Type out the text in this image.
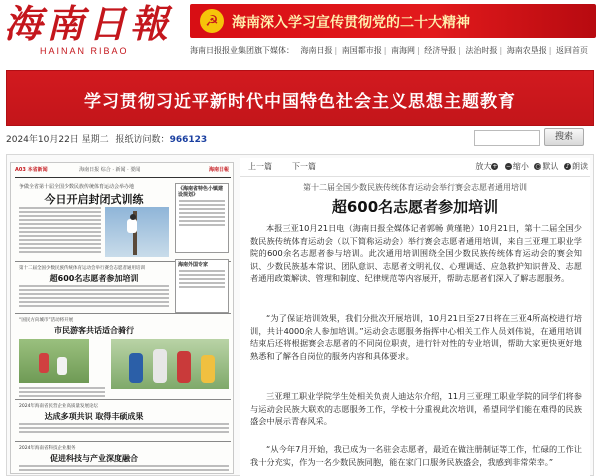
海南日報
HAINAN RIBAO
☭ 海南深入学习宣传贯彻党的二十大精神
海南日报报业集团旗下媒体： 海南日报 | 南国都市报 | 南海网 | 经济导报 | 法治时报 | 海南农垦报 | 返回首页
学习贯彻习近平新时代中国特色社会主义思想主题教育
2024年10月22日 星期二 报纸访问数：966123	搜索
A03 本省新闻	海南日报 综合 · 新闻 · 要闻	海南日報
争做全省第十届全国少数民族传统体育运动会举办地
今日开启封闭式训练
《海南省特色小镇建设规划》
第十二届全国少数民族传统体育运动会举行赛会志愿者通用培训
超600名志愿者参加培训
海南外国专家
“国民方向城市”活动将开展
市民游客共话适合骑行
2024年海南省民营企业高质量发展论坛
达成多项共识 取得丰硕成果
2024年海南省科技企业服务
促进科技与产业深度融合
上一篇	下一篇	放大+ − 缩小 ○ 默认 ♪ 朗读
第十二届全国少数民族传统体育运动会举行赛会志愿者通用培训
超600名志愿者参加培训

本报三亚10月21日电（海南日报全媒体记者郭畅 黄瑾艳）10月21日，第十二届全国少数民族传统体育运动会（以下简称运动会）举行赛会志愿者通用培训，来自三亚理工职业学院的600余名志愿者参与培训。此次通用培训围绕全国少数民族传统体育运动会的赛会知识、少数民族基本常识、团队意识、志愿者文明礼仪、心理调适、应急救护知识普及、志愿者通用政策解读、管理和制度、纪律规范等内容展开，帮助志愿者们深入了解志愿服务。

“为了保证培训效果，我们分批次开展培训，10月21日至27日将在三亚4所高校进行培训，共计4000余人参加培训。”运动会志愿服务指挥中心相关工作人员刘伟说，在通用培训结束后还将根据赛会志愿者的不同岗位职责，进行针对性的专业培训，帮助大家更快更好地熟悉和了解各自岗位的服务内容和具体要求。

三亚理工职业学院学生处相关负责人迪达尔介绍，11月三亚理工职业学院的同学们将参与运动会民族大联欢的志愿服务工作，学校十分重视此次培训，希望同学们能在难得的民族盛会中展示青春风采。

“从今年7月开始，我已成为一名驻会志愿者，最近在做注册制证等工作，忙碌的工作让我十分充实，作为一名少数民族同胞，能在家门口服务民族盛会，我感到非常荣幸。”
